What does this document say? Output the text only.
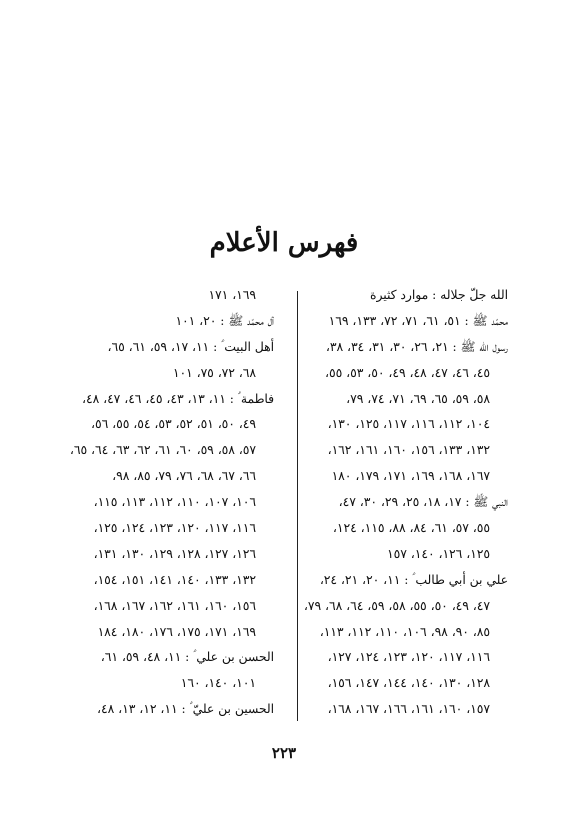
فهرس الأعلام
الله جلّ جلاله : موارد كثيرة
محمّد ﷺ : ٥١، ٦١، ٧١، ٧٢، ١٣٣، ١٦٩
رسول الله ﷺ : ٢١، ٢٦، ٣٠، ٣١، ٣٤، ٣٨،
٤٥، ٤٦، ٤٧، ٤٨، ٤٩، ٥٠، ٥٣، ٥٥،
٥٨، ٥٩، ٦٥، ٦٩، ٧١، ٧٤، ٧٩،
١٠٤، ١١٢، ١١٦، ١١٧، ١٢٥، ١٣٠،
١٣٢، ١٣٣، ١٥٦، ١٦٠، ١٦١، ١٦٢،
١٦٧، ١٦٨، ١٦٩، ١٧١، ١٧٩، ١٨٠
النبي ﷺ : ١٧، ١٨، ٢٥، ٢٩، ٣٠، ٤٧،
٥٥، ٥٧، ٦١، ٨٤، ٨٨، ١١٥، ١٢٤،
١٢٥، ١٢٦، ١٤٠، ١٥٧
علي بن أبي طالب ؑ : ١١، ٢٠، ٢١، ٢٤،
٤٧، ٤٩، ٥٠، ٥٥، ٥٨، ٥٩، ٦٤، ٦٨، ٧٩،
٨٥، ٩٠، ٩٨، ١٠٦، ١١٠، ١١٢، ١١٣،
١١٦، ١١٧، ١٢٠، ١٢٣، ١٢٤، ١٢٧،
١٢٨، ١٣٠، ١٤٠، ١٤٤، ١٤٧، ١٥٦،
١٥٧، ١٦٠، ١٦١، ١٦٦، ١٦٧، ١٦٨،
١٦٩، ١٧١
آل محمّد ﷺ : ٢٠، ١٠١
أهل البيت ؑ : ١١، ١٧، ٥٩، ٦١، ٦٥،
٦٨، ٧٢، ٧٥، ١٠١
فاطمة ؑ : ١١، ١٣، ٤٣، ٤٥، ٤٦، ٤٧، ٤٨،
٤٩، ٥٠، ٥١، ٥٢، ٥٣، ٥٤، ٥٥، ٥٦،
٥٧، ٥٨، ٥٩، ٦٠، ٦١، ٦٢، ٦٣، ٦٤، ٦٥،
٦٦، ٦٧، ٦٨، ٧٦، ٧٩، ٨٥، ٩٨،
١٠٦، ١٠٧، ١١٠، ١١٢، ١١٣، ١١٥،
١١٦، ١١٧، ١٢٠، ١٢٣، ١٢٤، ١٢٥،
١٢٦، ١٢٧، ١٢٨، ١٢٩، ١٣٠، ١٣١،
١٣٢، ١٣٣، ١٤٠، ١٤١، ١٥١، ١٥٤،
١٥٦، ١٦٠، ١٦١، ١٦٢، ١٦٧، ١٦٨،
١٦٩، ١٧١، ١٧٥، ١٧٦، ١٨٠، ١٨٤
الحسن بن علي ؑ : ١١، ٤٨، ٥٩، ٦١،
١٠١، ١٤٠، ١٦٠
الحسين بن عليّ ؑ : ١١، ١٢، ١٣، ٤٨،
٢٢٣
